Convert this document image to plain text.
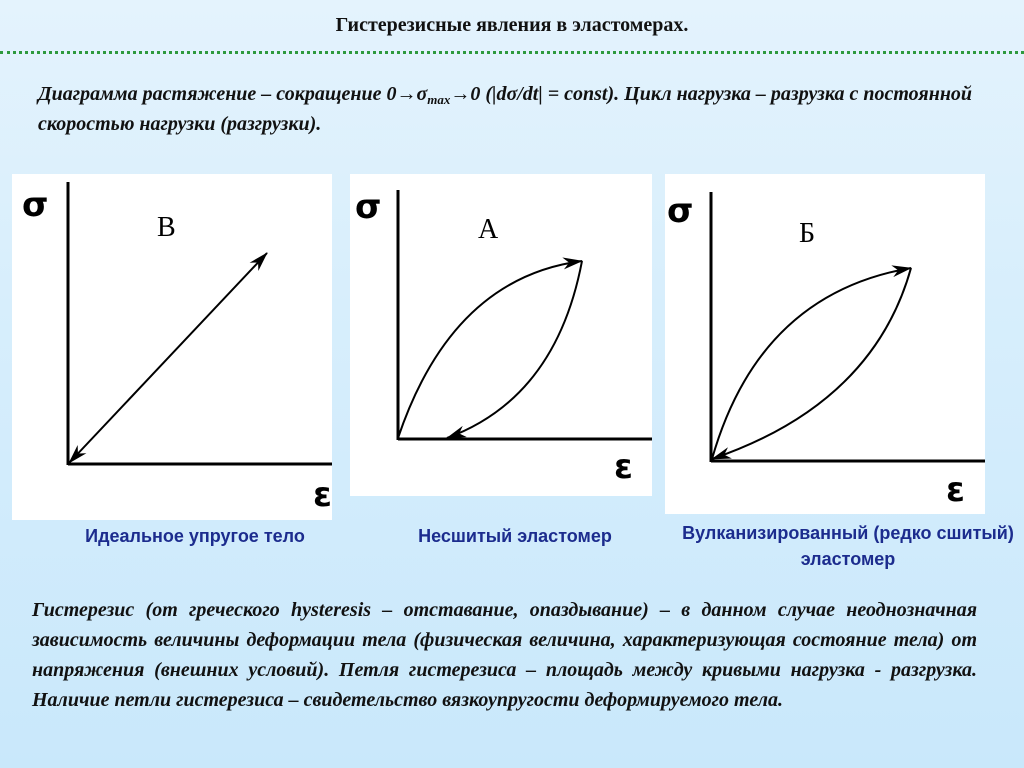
Гистерезисные явления в эластомерах.
Диаграмма растяжение – сокращение $0\to\sigma_{max}\to 0$ (|dσ/dt| = const). Цикл нагрузка – разрузка с постоянной скоростью нагрузки (разгрузки).
σ
ε
В
Идеальное упругое тело
σ
ε
А
Несшитый эластомер
σ
ε
Б
Вулканизированный (редко сшитый) эластомер
Гистерезис (от греческого hysteresis – отставание, опаздывание) – в данном случае неоднозначная зависимость величины деформации тела (физическая величина, характеризующая состояние тела) от напряжения (внешних условий). Петля гистерезиса – площадь между кривыми нагрузка - разгрузка. Наличие петли гистерезиса – свидетельство вязкоупругости деформируемого тела.
